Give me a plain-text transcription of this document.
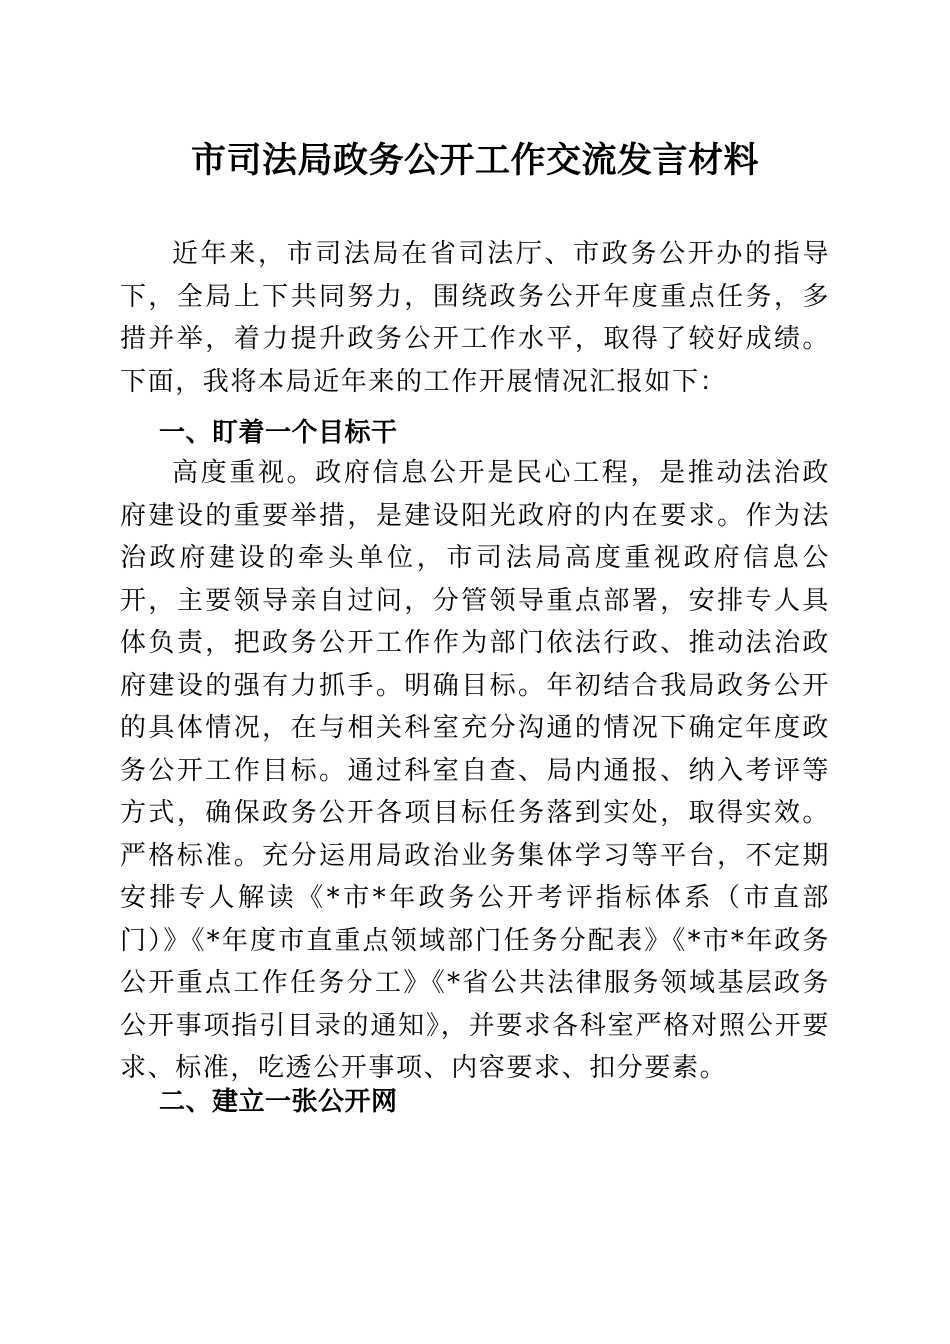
市司法局政务公开工作交流发言材料

近年来，市司法局在省司法厅、市政务公开办的指导下，全局上下共同努力，围绕政务公开年度重点任务，多措并举，着力提升政务公开工作水平，取得了较好成绩。下面，我将本局近年来的工作开展情况汇报如下：

一、盯着一个目标干

高度重视。政府信息公开是民心工程，是推动法治政府建设的重要举措，是建设阳光政府的内在要求。作为法治政府建设的牵头单位，市司法局高度重视政府信息公开，主要领导亲自过问，分管领导重点部署，安排专人具体负责，把政务公开工作作为部门依法行政、推动法治政府建设的强有力抓手。明确目标。年初结合我局政务公开的具体情况，在与相关科室充分沟通的情况下确定年度政务公开工作目标。通过科室自查、局内通报、纳入考评等方式，确保政务公开各项目标任务落到实处，取得实效。严格标准。充分运用局政治业务集体学习等平台，不定期安排专人解读《*市*年政务公开考评指标体系（市直部门）》《*年度市直重点领域部门任务分配表》《*市*年政务公开重点工作任务分工》《*省公共法律服务领域基层政务公开事项指引目录的通知》，并要求各科室严格对照公开要求、标准，吃透公开事项、内容要求、扣分要素。

二、建立一张公开网
